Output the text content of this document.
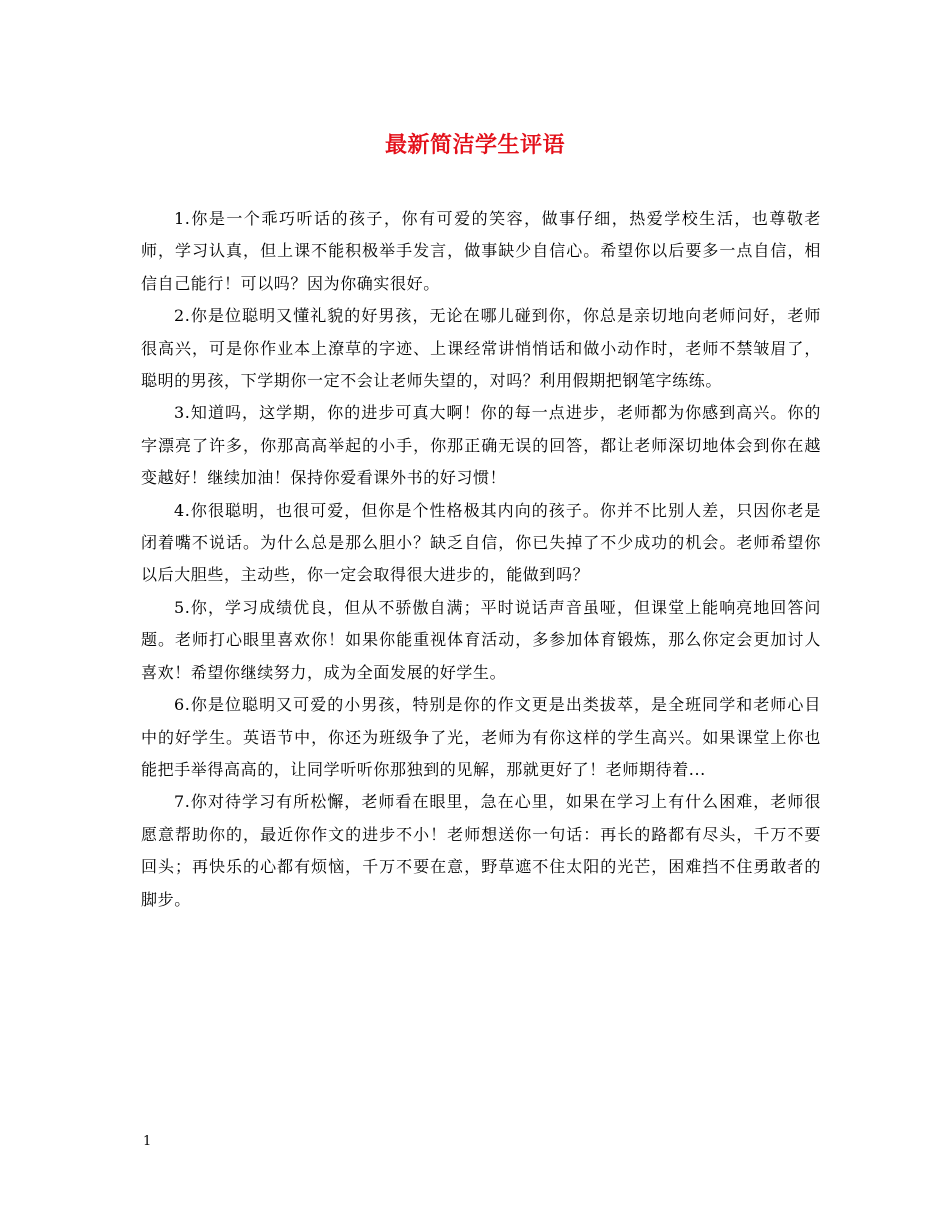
最新简洁学生评语

1.你是一个乖巧听话的孩子，你有可爱的笑容，做事仔细，热爱学校生活，也尊敬老师，学习认真，但上课不能积极举手发言，做事缺少自信心。希望你以后要多一点自信，相信自己能行！可以吗？因为你确实很好。

2.你是位聪明又懂礼貌的好男孩，无论在哪儿碰到你，你总是亲切地向老师问好，老师很高兴，可是你作业本上潦草的字迹、上课经常讲悄悄话和做小动作时，老师不禁皱眉了，聪明的男孩，下学期你一定不会让老师失望的，对吗？利用假期把钢笔字练练。

3.知道吗，这学期，你的进步可真大啊！你的每一点进步，老师都为你感到高兴。你的字漂亮了许多，你那高高举起的小手，你那正确无误的回答，都让老师深切地体会到你在越变越好！继续加油！保持你爱看课外书的好习惯！

4.你很聪明，也很可爱，但你是个性格极其内向的孩子。你并不比别人差，只因你老是闭着嘴不说话。为什么总是那么胆小？缺乏自信，你已失掉了不少成功的机会。老师希望你以后大胆些，主动些，你一定会取得很大进步的，能做到吗？

5.你，学习成绩优良，但从不骄傲自满；平时说话声音虽哑，但课堂上能响亮地回答问题。老师打心眼里喜欢你！如果你能重视体育活动，多参加体育锻炼，那么你定会更加讨人喜欢！希望你继续努力，成为全面发展的好学生。

6.你是位聪明又可爱的小男孩，特别是你的作文更是出类拔萃，是全班同学和老师心目中的好学生。英语节中，你还为班级争了光，老师为有你这样的学生高兴。如果课堂上你也能把手举得高高的，让同学听听你那独到的见解，那就更好了！老师期待着...

7.你对待学习有所松懈，老师看在眼里，急在心里，如果在学习上有什么困难，老师很愿意帮助你的，最近你作文的进步不小！老师想送你一句话：再长的路都有尽头，千万不要回头；再快乐的心都有烦恼，千万不要在意，野草遮不住太阳的光芒，困难挡不住勇敢者的脚步。

1
